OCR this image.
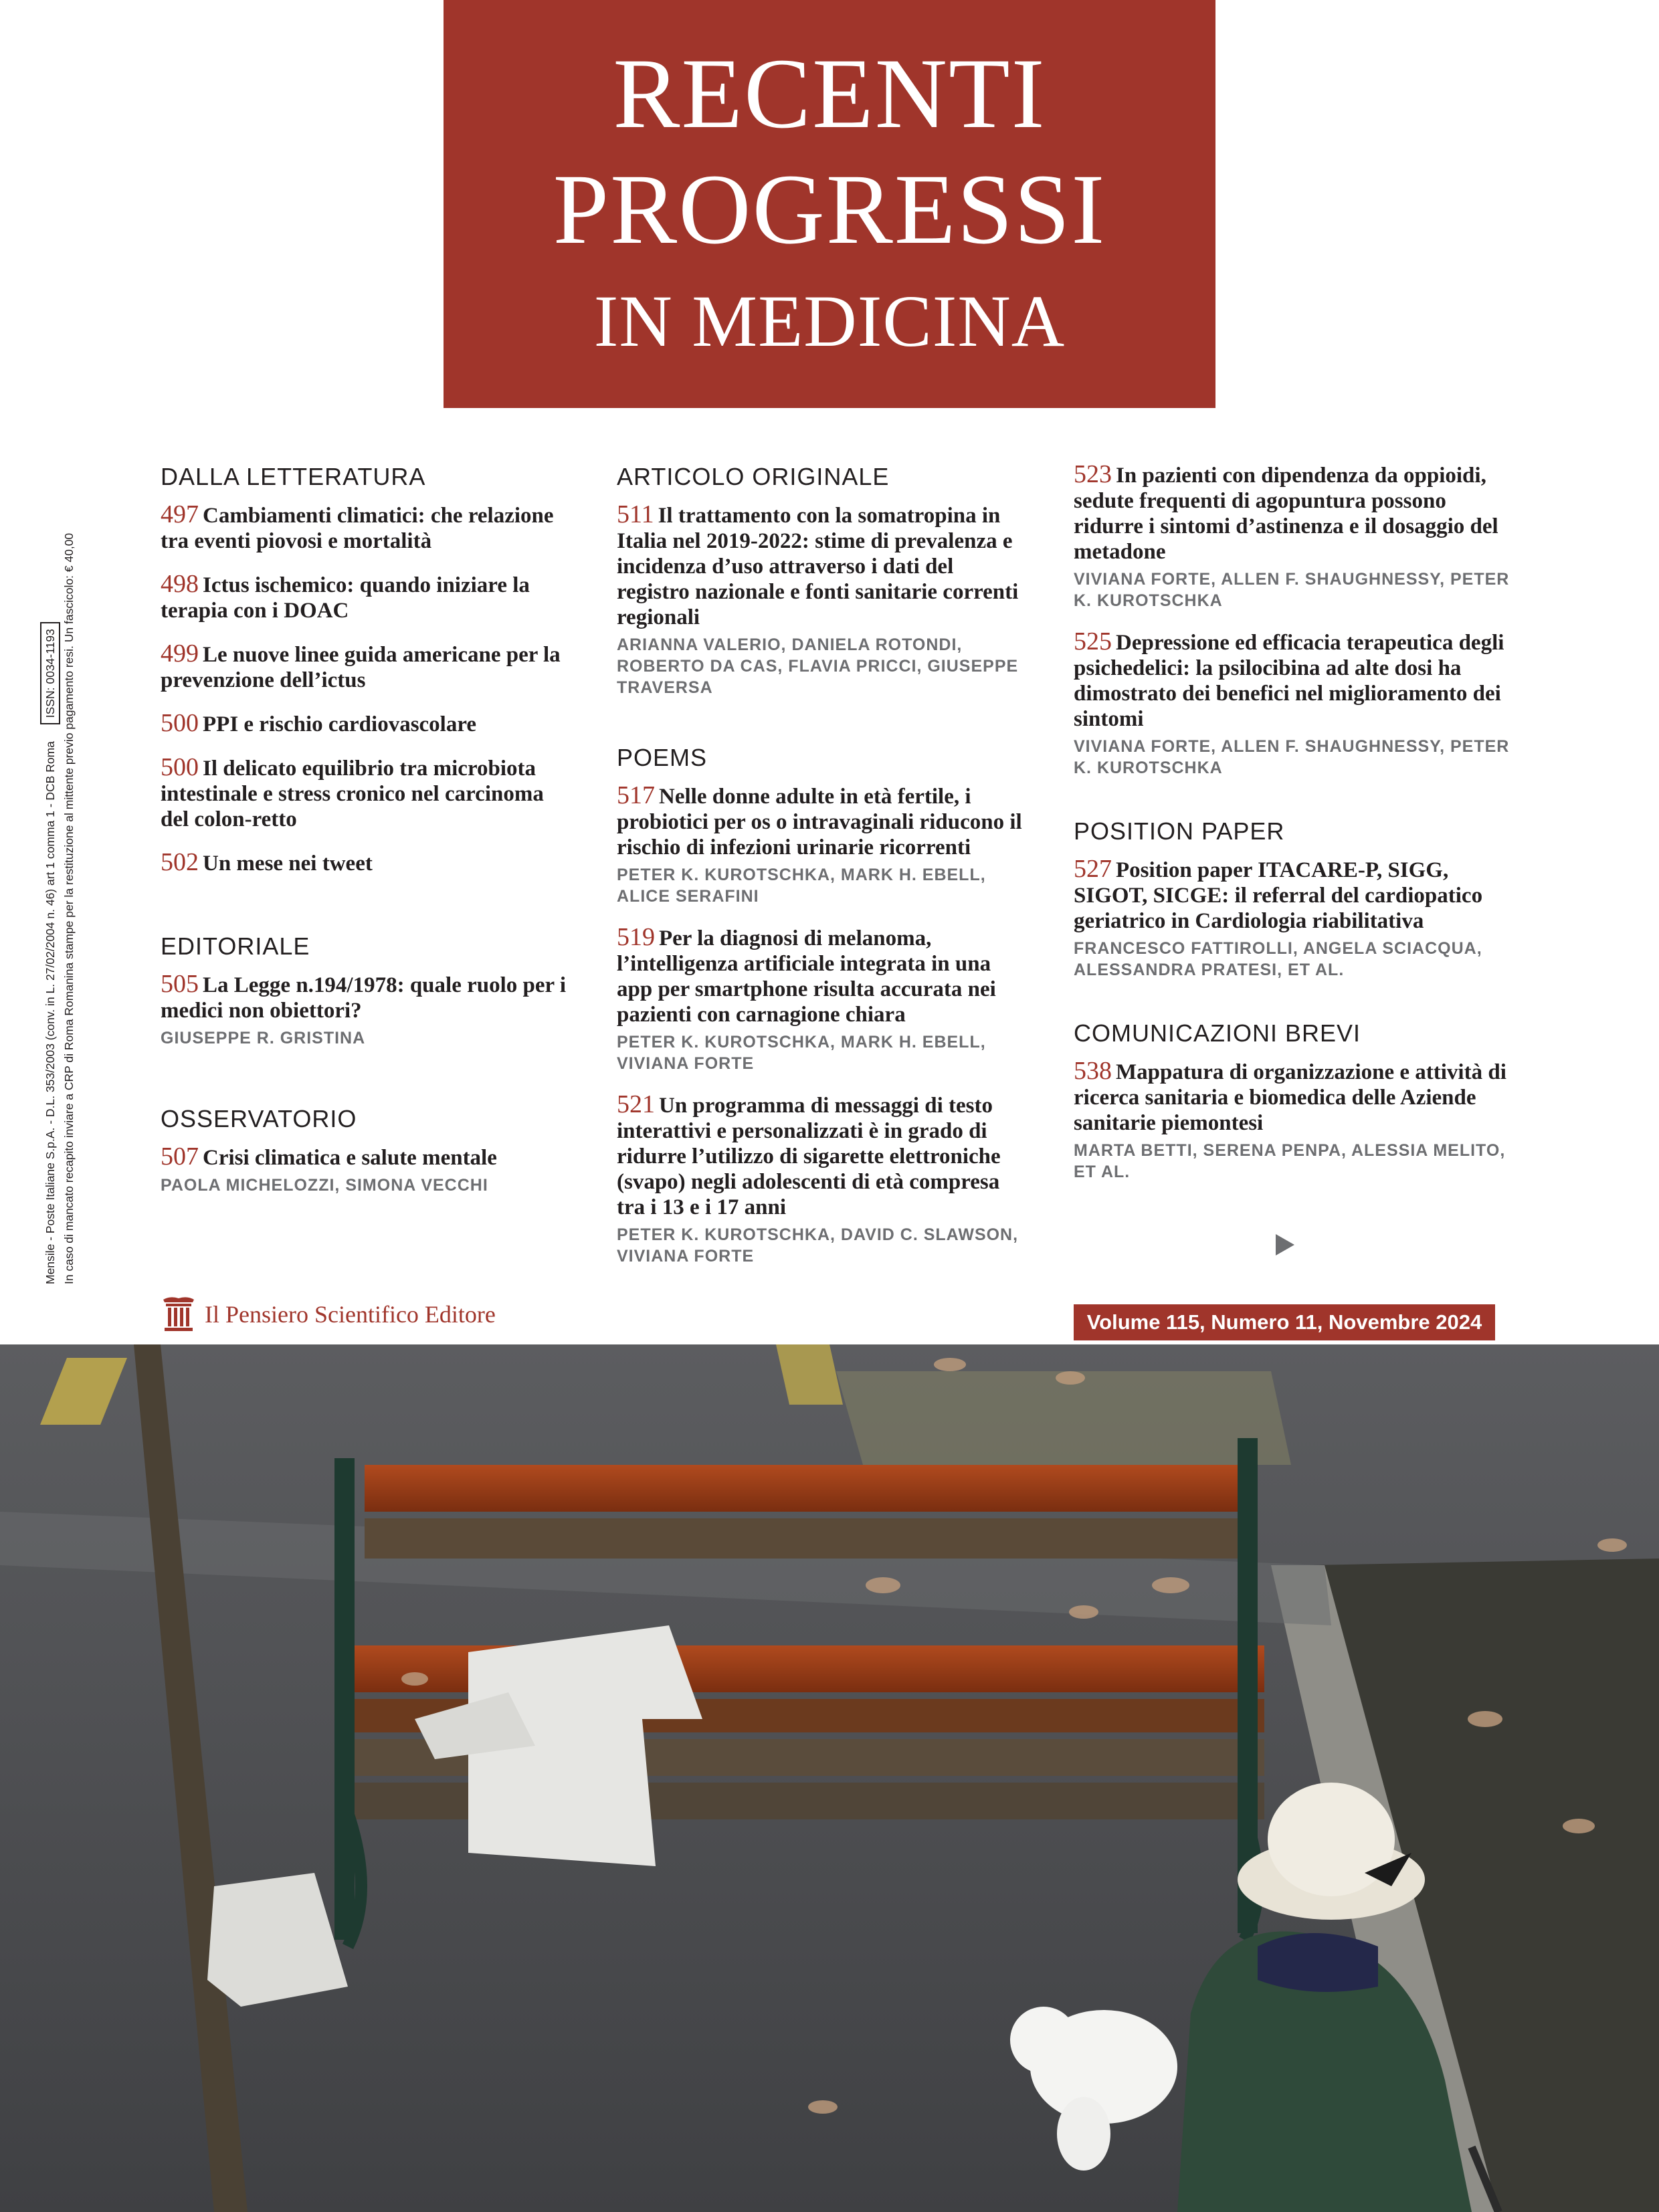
RECENTI
PROGRESSI
IN MEDICINA
Mensile - Poste Italiane S.p.A. - D.L. 353/2003 (conv. in L. 27/02/2004 n. 46) art 1 comma 1 - DCB Roma ISSN: 0034-1193 In caso di mancato recapito inviare a CRP di Roma Romanina stampe per la restituzione al mittente previo pagamento resi. Un fascicolo: € 40,00
DALLA LETTERATURA
497 Cambiamenti climatici: che relazione tra eventi piovosi e mortalità
498 Ictus ischemico: quando iniziare la terapia con i DOAC
499 Le nuove linee guida americane per la prevenzione dell’ictus
500 PPI e rischio cardiovascolare
500 Il delicato equilibrio tra microbiota intestinale e stress cronico nel carcinoma del colon-retto
502 Un mese nei tweet
EDITORIALE
505 La Legge n.194/1978: quale ruolo per i medici non obiettori?
GIUSEPPE R. GRISTINA
OSSERVATORIO
507 Crisi climatica e salute mentale
PAOLA MICHELOZZI, SIMONA VECCHI
ARTICOLO ORIGINALE
511 Il trattamento con la somatropina in Italia nel 2019-2022: stime di prevalenza e incidenza d’uso attraverso i dati del registro nazionale e fonti sanitarie correnti regionali
ARIANNA VALERIO, DANIELA ROTONDI, ROBERTO DA CAS, FLAVIA PRICCI, GIUSEPPE TRAVERSA
POEMS
517 Nelle donne adulte in età fertile, i probiotici per os o intravaginali riducono il rischio di infezioni urinarie ricorrenti
PETER K. KUROTSCHKA, MARK H. EBELL, ALICE SERAFINI
519 Per la diagnosi di melanoma, l’intelligenza artificiale integrata in una app per smartphone risulta accurata nei pazienti con carnagione chiara
PETER K. KUROTSCHKA, MARK H. EBELL, VIVIANA FORTE
521 Un programma di messaggi di testo interattivi e personalizzati è in grado di ridurre l’utilizzo di sigarette elettroniche (svapo) negli adolescenti di età compresa tra i 13 e i 17 anni
PETER K. KUROTSCHKA, DAVID C. SLAWSON, VIVIANA FORTE
523 In pazienti con dipendenza da oppioidi, sedute frequenti di agopuntura possono ridurre i sintomi d’astinenza e il dosaggio del metadone
VIVIANA FORTE, ALLEN F. SHAUGHNESSY, PETER K. KUROTSCHKA
525 Depressione ed efficacia terapeutica degli psichedelici: la psilocibina ad alte dosi ha dimostrato dei benefici nel miglioramento dei sintomi
VIVIANA FORTE, ALLEN F. SHAUGHNESSY, PETER K. KUROTSCHKA
POSITION PAPER
527 Position paper ITACARE-P, SIGG, SIGOT, SICGE: il referral del cardiopatico geriatrico in Cardiologia riabilitativa
FRANCESCO FATTIROLLI, ANGELA SCIACQUA, ALESSANDRA PRATESI, ET AL.
COMUNICAZIONI BREVI
538 Mappatura di organizzazione e attività di ricerca sanitaria e biomedica delle Aziende sanitarie piemontesi
MARTA BETTI, SERENA PENPA, ALESSIA MELITO, ET AL.
Il Pensiero Scientifico Editore	Volume 115, Numero 11, Novembre 2024
